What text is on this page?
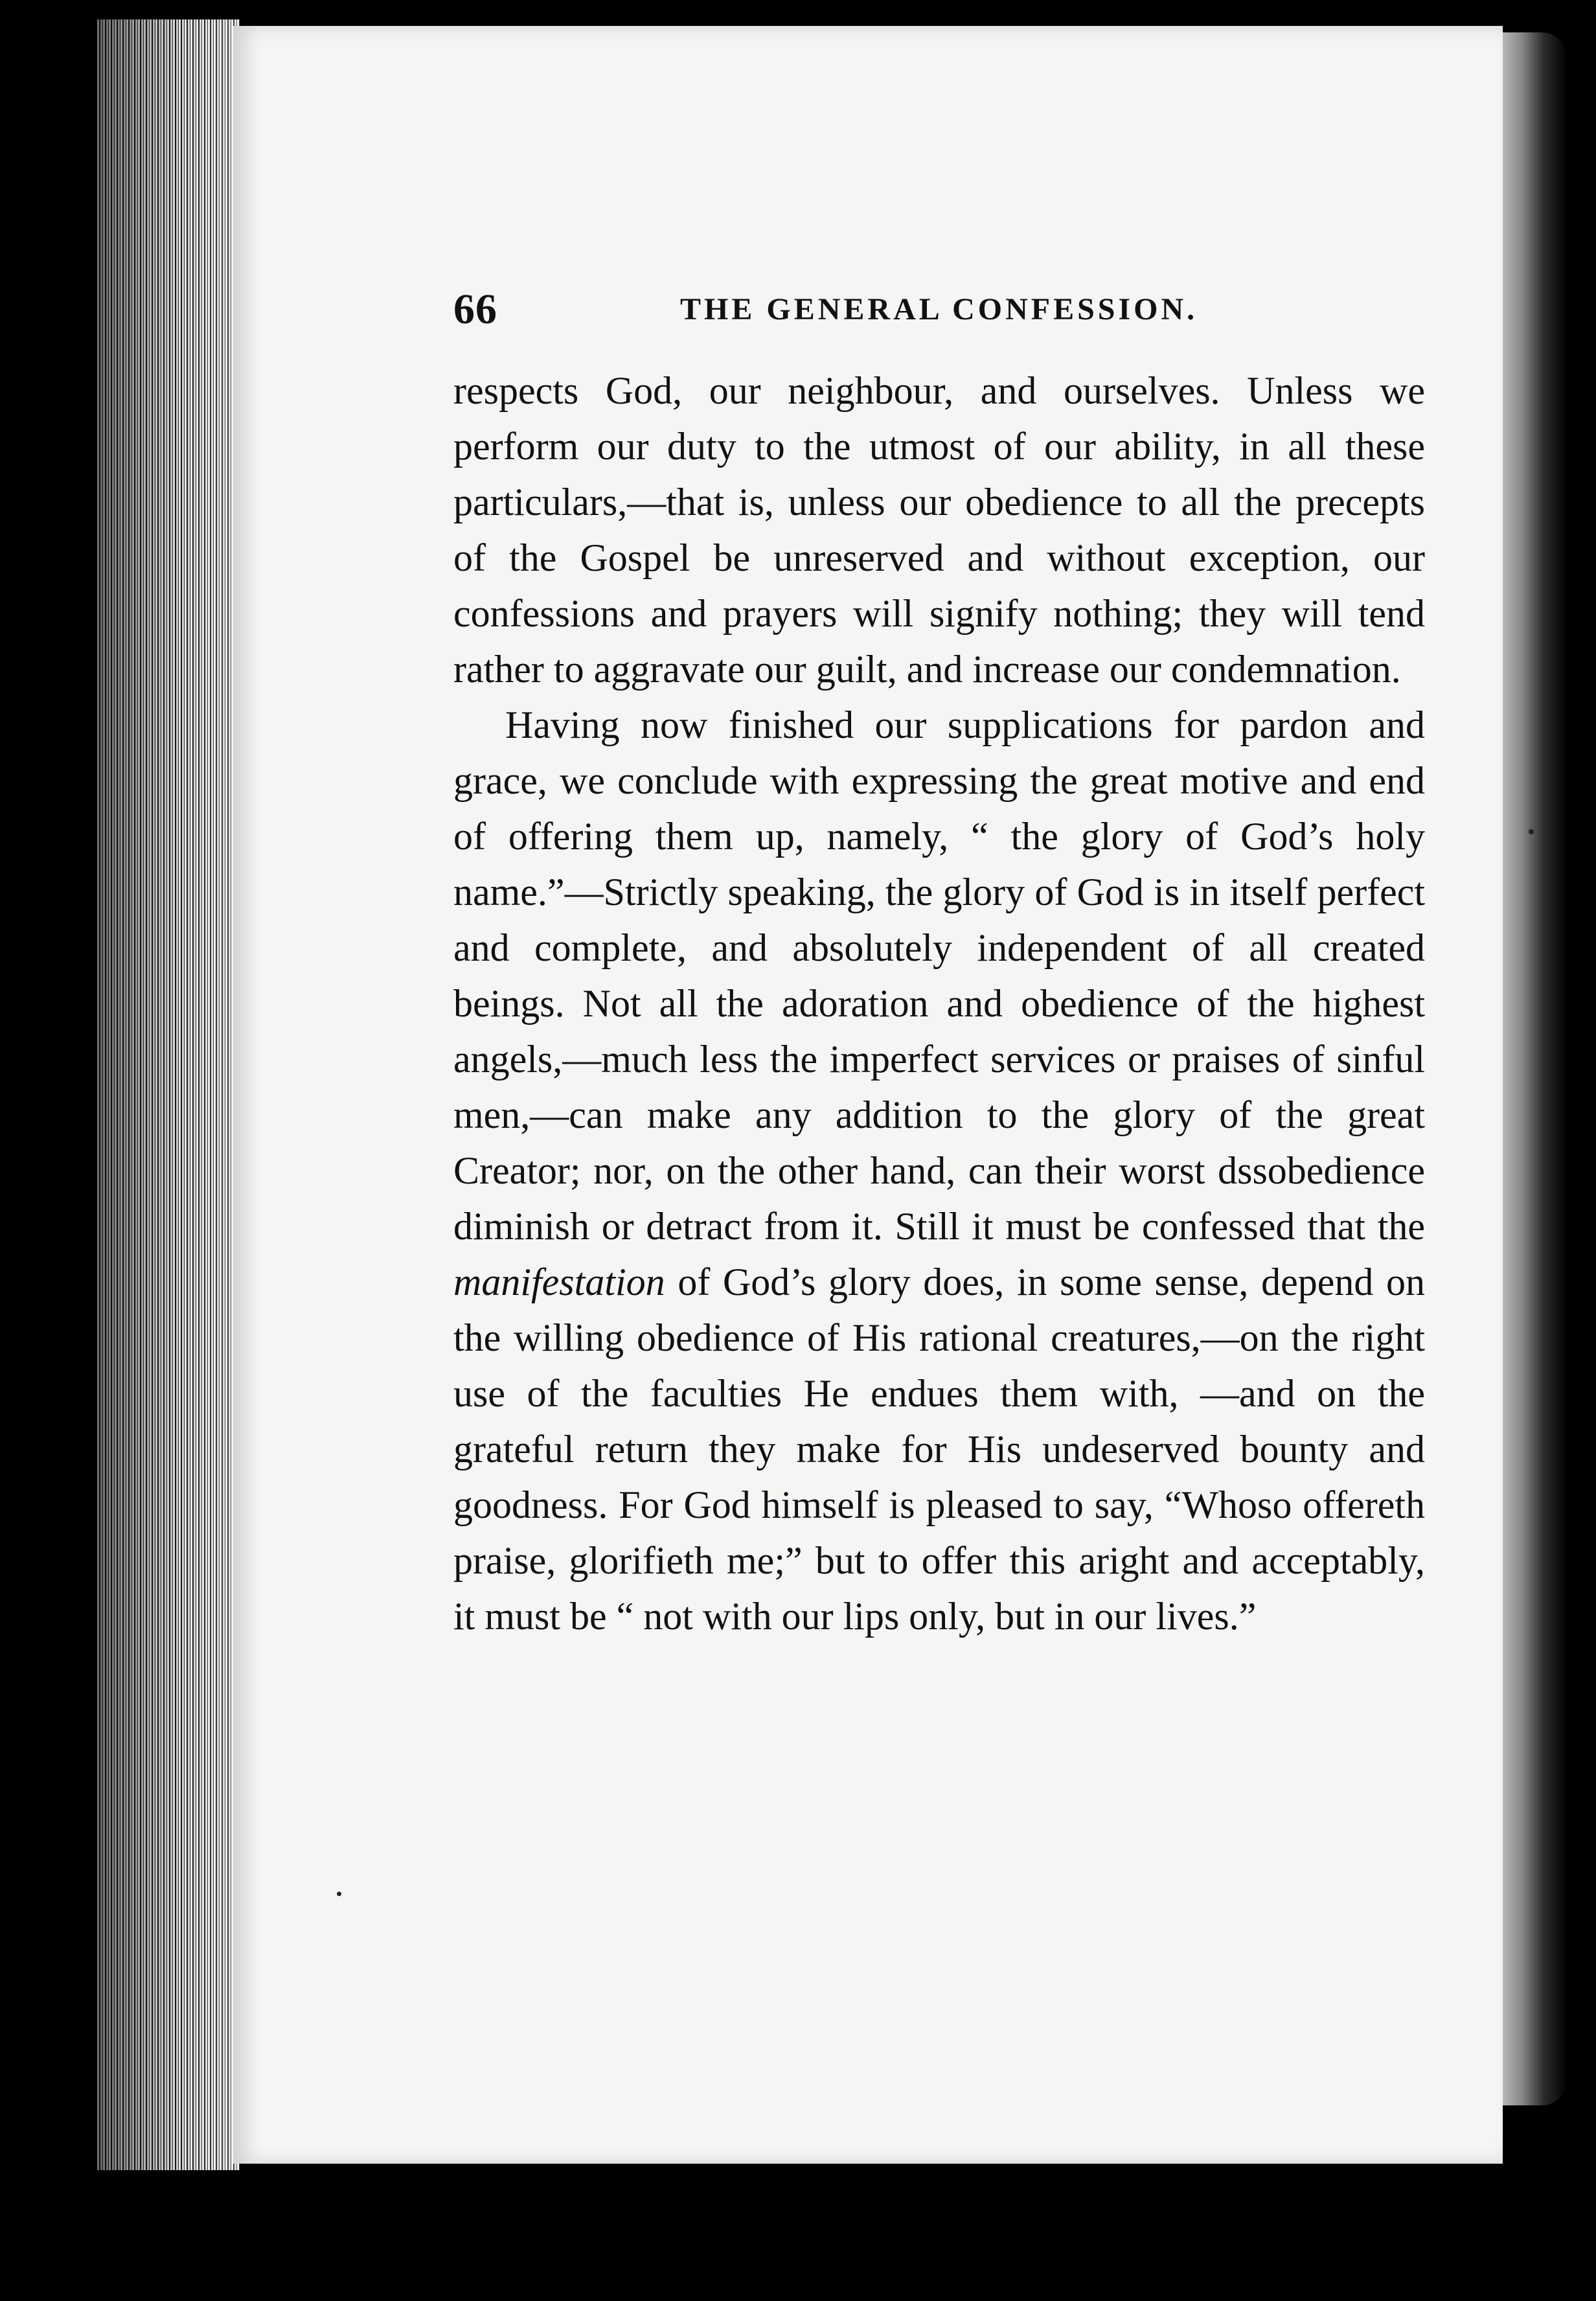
66	THE GENERAL CONFESSION.

respects God, our neighbour, and ourselves. Unless we perform our duty to the utmost of our ability, in all these particulars,—that is, unless our obedience to all the precepts of the Gospel be unreserved and without exception, our confessions and prayers will signify nothing; they will tend rather to aggravate our guilt, and increase our condemnation.

Having now finished our supplications for pardon and grace, we conclude with expressing the great motive and end of offering them up, namely, “ the glory of God’s holy name.”—Strictly speaking, the glory of God is in itself perfect and complete, and absolutely independent of all created beings. Not all the adoration and obedience of the highest angels,—much less the imperfect services or praises of sinful men,—can make any addition to the glory of the great Creator; nor, on the other hand, can their worst dssobedience diminish or detract from it. Still it must be confessed that the manifestation of God’s glory does, in some sense, depend on the willing obedience of His rational creatures,—on the right use of the faculties He endues them with, —and on the grateful return they make for His undeserved bounty and goodness. For God himself is pleased to say, “Whoso offereth praise, glorifieth me;” but to offer this aright and acceptably, it must be “ not with our lips only, but in our lives.”
